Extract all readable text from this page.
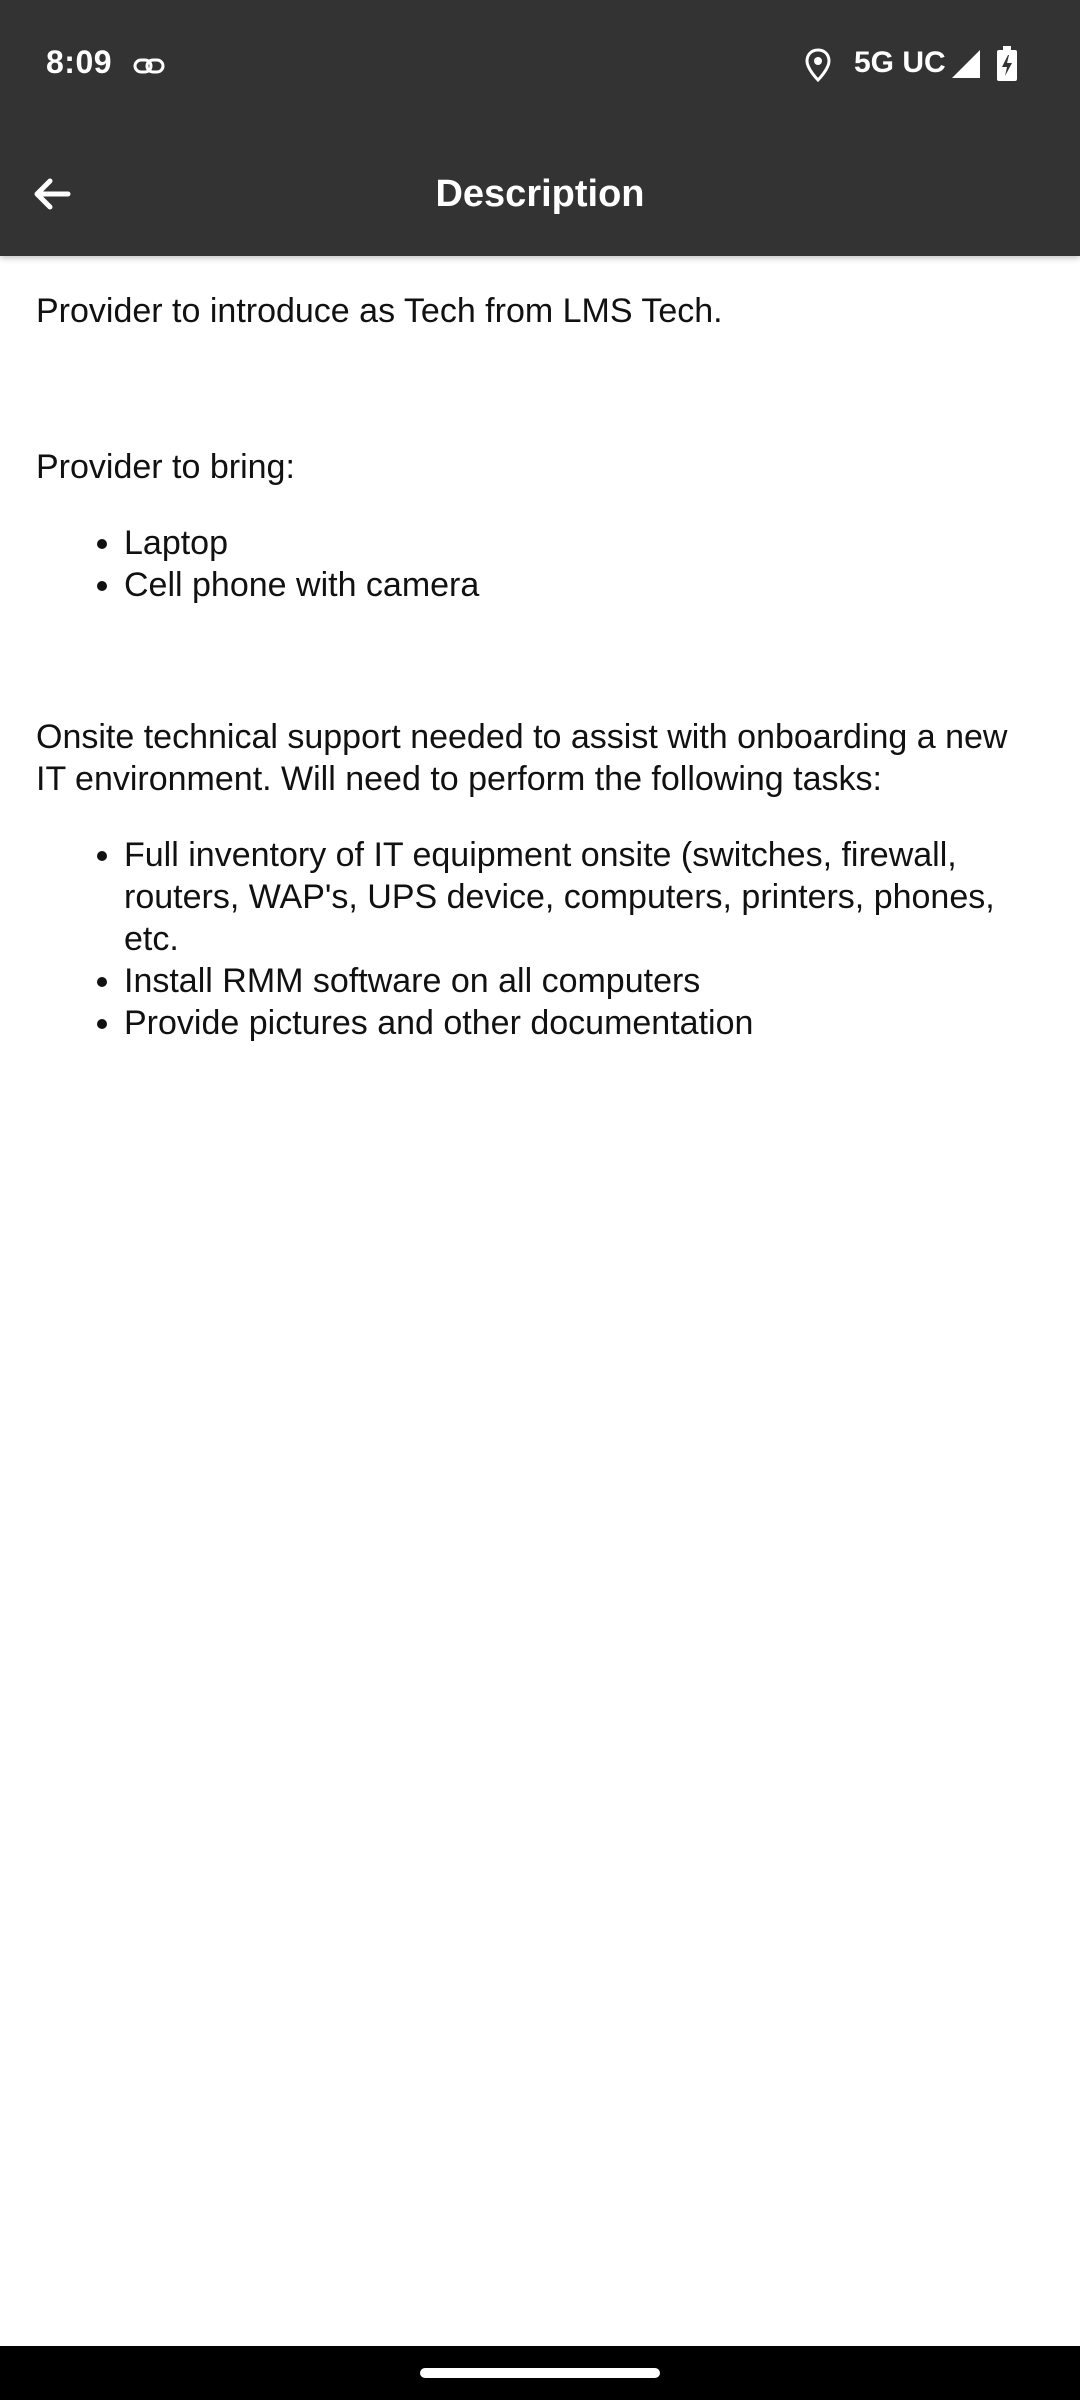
8:09	5G UC
Description

Provider to introduce as Tech from LMS Tech.

Provider to bring:

• Laptop
• Cell phone with camera

Onsite technical support needed to assist with onboarding a new IT environment. Will need to perform the following tasks:

• Full inventory of IT equipment onsite (switches, firewall, routers, WAP's, UPS device, computers, printers, phones, etc.
• Install RMM software on all computers
• Provide pictures and other documentation
